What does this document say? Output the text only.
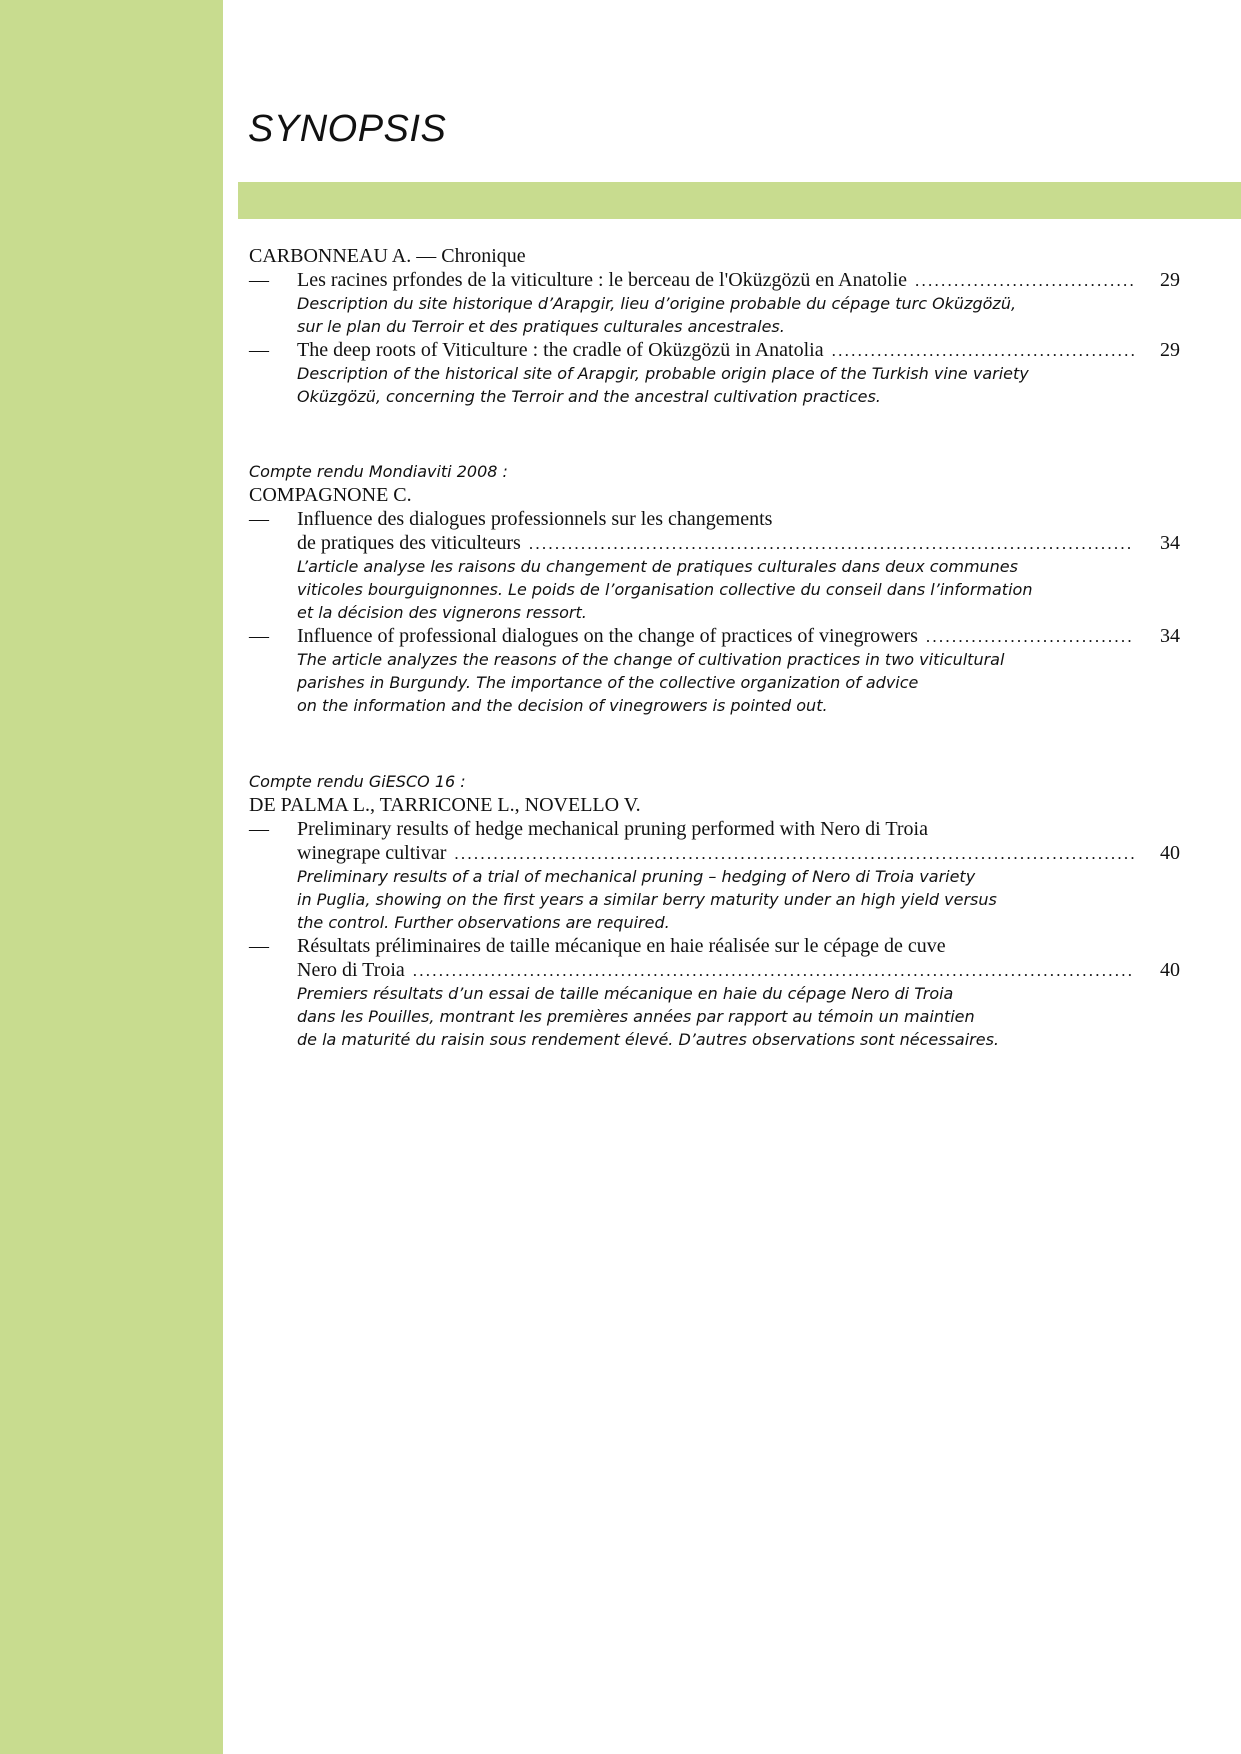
SYNOPSIS
CARBONNEAU A. — Chronique
—	Les racines prfondes de la viticulture : le berceau de l'Oküzgözü en Anatolie . . .	29
Description du site historique d’Arapgir, lieu d’origine probable du cépage turc Oküzgözü,
sur le plan du Terroir et des pratiques culturales ancestrales.
—	The deep roots of Viticulture : the cradle of Oküzgözü in Anatolia . . .	29
Description of the historical site of Arapgir, probable origin place of the Turkish vine variety
Oküzgözü, concerning the Terroir and the ancestral cultivation practices.
Compte rendu Mondiaviti 2008 :
COMPAGNONE C.
—	Influence des dialogues professionnels sur les changements
de pratiques des viticulteurs . . .	34
L’article analyse les raisons du changement de pratiques culturales dans deux communes
viticoles bourguignonnes. Le poids de l’organisation collective du conseil dans l’information
et la décision des vignerons ressort.
—	Influence of professional dialogues on the change of practices of vinegrowers . . .	34
The article analyzes the reasons of the change of cultivation practices in two viticultural
parishes in Burgundy. The importance of the collective organization of advice
on the information and the decision of vinegrowers is pointed out.
Compte rendu GiESCO 16 :
DE PALMA L., TARRICONE L., NOVELLO V.
—	Preliminary results of hedge mechanical pruning performed with Nero di Troia
winegrape cultivar . . .	40
Preliminary results of a trial of mechanical pruning – hedging of Nero di Troia variety
in Puglia, showing on the first years a similar berry maturity under an high yield versus
the control. Further observations are required.
—	Résultats préliminaires de taille mécanique en haie réalisée sur le cépage de cuve
Nero di Troia . . .	40
Premiers résultats d’un essai de taille mécanique en haie du cépage Nero di Troia
dans les Pouilles, montrant les premières années par rapport au témoin un maintien
de la maturité du raisin sous rendement élevé. D’autres observations sont nécessaires.
